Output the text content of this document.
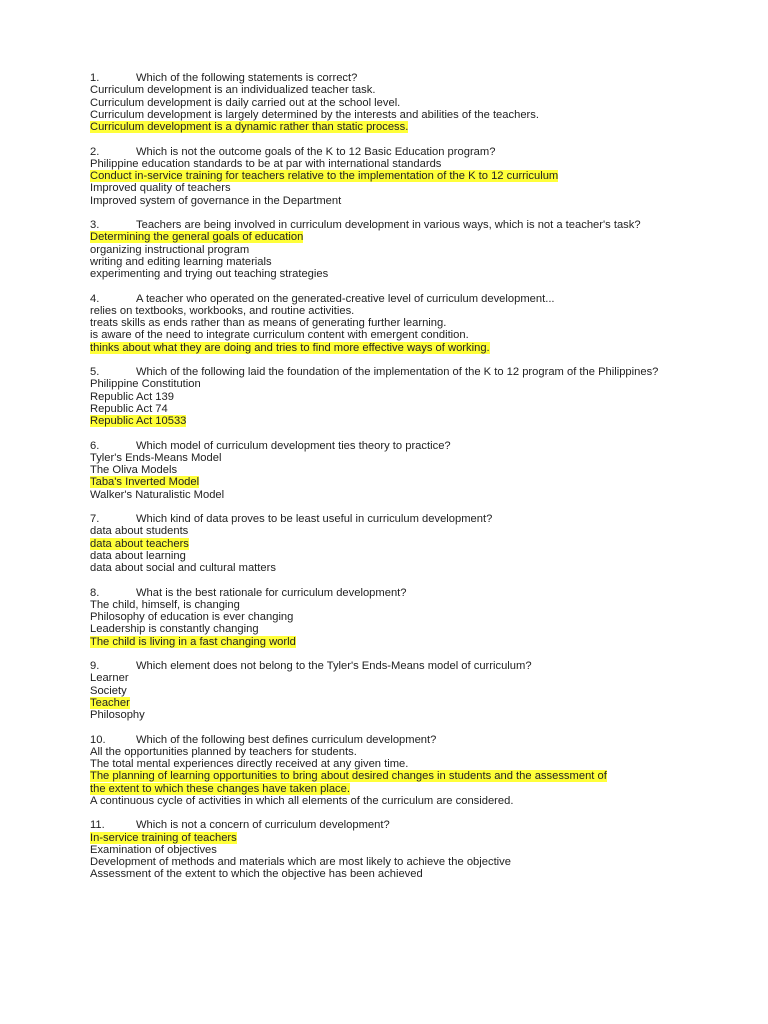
1.	Which of the following statements is correct?
Curriculum development is an individualized teacher task.
Curriculum development is daily carried out at the school level.
Curriculum development is largely determined by the interests and abilities of the teachers.
Curriculum development is a dynamic rather than static process.
2.	Which is not the outcome goals of the K to 12 Basic Education program?
Philippine education standards to be at par with international standards
Conduct in-service training for teachers relative to the implementation of the K to 12 curriculum
Improved quality of teachers
Improved system of governance in the Department
3.	Teachers are being involved in curriculum development in various ways, which is not a teacher's task?
Determining the general goals of education
organizing instructional program
writing and editing learning materials
experimenting and trying out teaching strategies
4.	A teacher who operated on the generated-creative level of curriculum development...
relies on textbooks, workbooks, and routine activities.
treats skills as ends rather than as means of generating further learning.
is aware of the need to integrate curriculum content with emergent condition.
thinks about what they are doing and tries to find more effective ways of working.
5.	Which of the following laid the foundation of the implementation of the K to 12 program of the Philippines?
Philippine Constitution
Republic Act 139
Republic Act 74
Republic Act 10533
6.	Which model of curriculum development ties theory to practice?
Tyler's Ends-Means Model
The Oliva Models
Taba's Inverted Model
Walker's Naturalistic Model
7.	Which kind of data proves to be least useful in curriculum development?
data about students
data about teachers
data about learning
data about social and cultural matters
8.	What is the best rationale for curriculum development?
The child, himself, is changing
Philosophy of education is ever changing
Leadership is constantly changing
The child is living in a fast changing world
9.	Which element does not belong to the Tyler's Ends-Means model of curriculum?
Learner
Society
Teacher
Philosophy
10.	Which of the following best defines curriculum development?
All the opportunities planned by teachers for students.
The total mental experiences directly received at any given time.
The planning of learning opportunities to bring about desired changes in students and the assessment of the extent to which these changes have taken place.
A continuous cycle of activities in which all elements of the curriculum are considered.
11.	Which is not a concern of curriculum development?
In-service training of teachers
Examination of objectives
Development of methods and materials which are most likely to achieve the objective
Assessment of the extent to which the objective has been achieved
